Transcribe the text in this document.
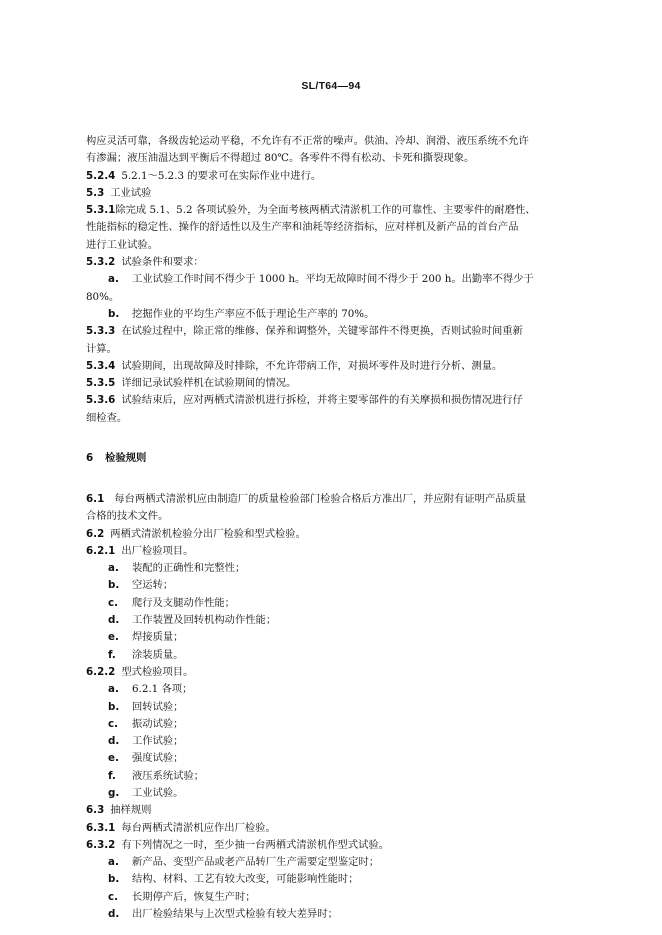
SL/T64—94
构应灵活可靠，各级齿轮运动平稳，不允许有不正常的噪声。供油、冷却、润滑、液压系统不允许
有渗漏；液压油温达到平衡后不得超过 80℃。各零件不得有松动、卡死和撕裂现象。
5.2.4 5.2.1～5.2.3 的要求可在实际作业中进行。
5.3 工业试验
5.3.1除完成 5.1、5.2 各项试验外，为全面考核两栖式清淤机工作的可靠性、主要零件的耐磨性、
性能指标的稳定性、操作的舒适性以及生产率和油耗等经济指标，应对样机及新产品的首台产品
进行工业试验。
5.3.2 试验条件和要求：
a. 工业试验工作时间不得少于 1000 h。平均无故障时间不得少于 200 h。出勤率不得少于
80%。
b. 挖掘作业的平均生产率应不低于理论生产率的 70%。
5.3.3 在试验过程中，除正常的维修、保养和调整外，关键零部件不得更换，否则试验时间重新
计算。
5.3.4 试验期间，出现故障及时排除，不允许带病工作，对损坏零件及时进行分析、测量。
5.3.5 详细记录试验样机在试验期间的情况。
5.3.6 试验结束后，应对两栖式清淤机进行拆检，并将主要零部件的有关摩损和损伤情况进行仔
细检查。
6 检验规则
6.1 每台两栖式清淤机应由制造厂的质量检验部门检验合格后方准出厂，并应附有证明产品质量
合格的技术文件。
6.2 两栖式清淤机检验分出厂检验和型式检验。
6.2.1 出厂检验项目。
a. 装配的正确性和完整性；
b. 空运转；
c. 爬行及支腿动作性能；
d. 工作装置及回转机构动作性能；
e. 焊接质量；
f. 涂装质量。
6.2.2 型式检验项目。
a. 6.2.1 各项；
b. 回转试验；
c. 振动试验；
d. 工作试验；
e. 强度试验；
f. 液压系统试验；
g. 工业试验。
6.3 抽样规则
6.3.1 每台两栖式清淤机应作出厂检验。
6.3.2 有下列情况之一时，至少抽一台两栖式清淤机作型式试验。
a. 新产品、变型产品或老产品转厂生产需要定型鉴定时；
b. 结构、材料、工艺有较大改变，可能影响性能时；
c. 长期停产后，恢复生产时；
d. 出厂检验结果与上次型式检验有较大差异时；
